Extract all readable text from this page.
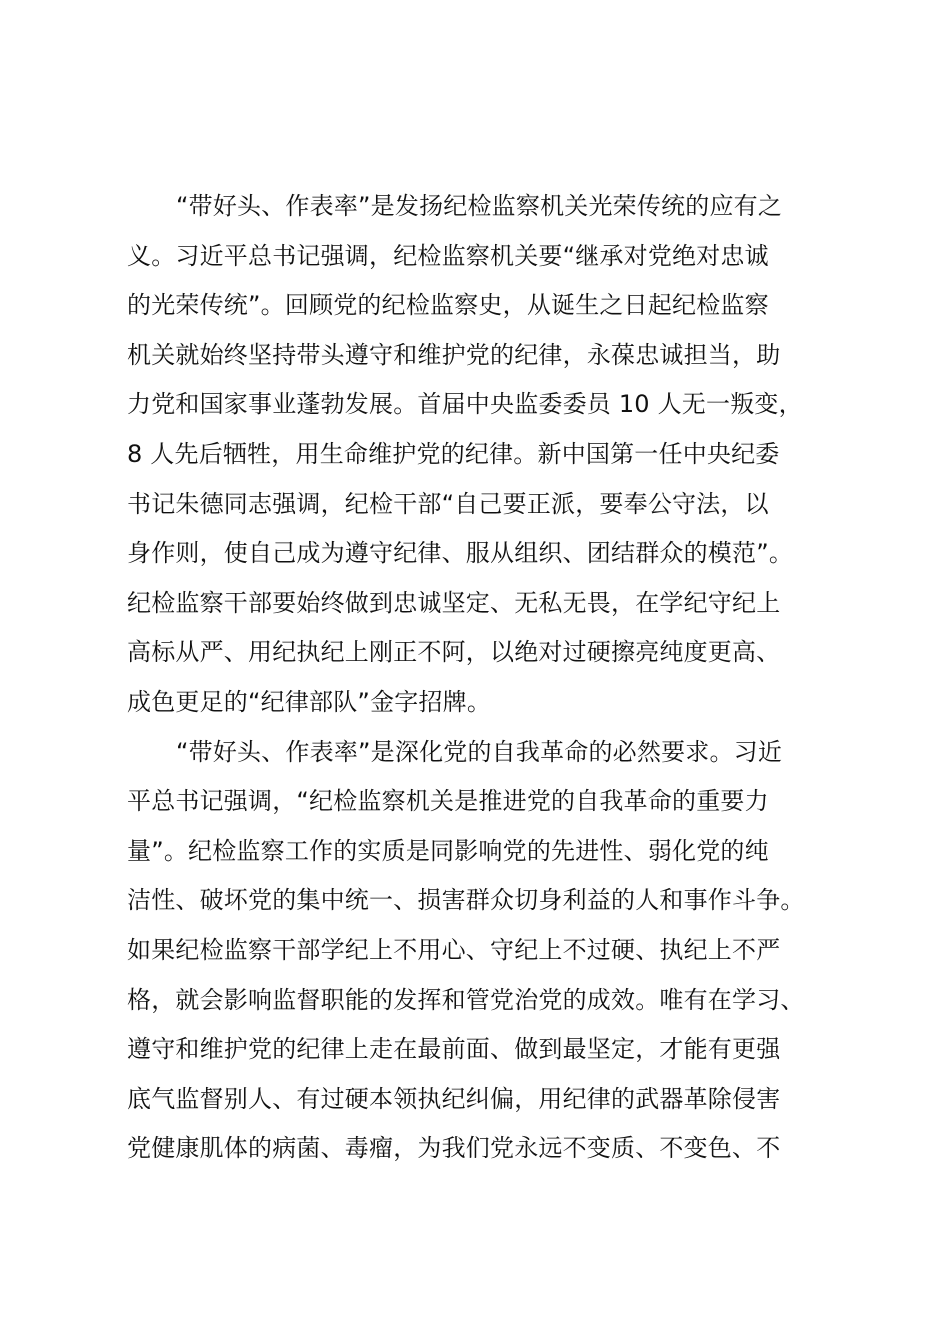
“带好头、作表率”是发扬纪检监察机关光荣传统的应有之
义。习近平总书记强调，纪检监察机关要“继承对党绝对忠诚
的光荣传统”。回顾党的纪检监察史，从诞生之日起纪检监察
机关就始终坚持带头遵守和维护党的纪律，永葆忠诚担当，助
力党和国家事业蓬勃发展。首届中央监委委员 10 人无一叛变，
8 人先后牺牲，用生命维护党的纪律。新中国第一任中央纪委
书记朱德同志强调，纪检干部“自己要正派，要奉公守法，以
身作则，使自己成为遵守纪律、服从组织、团结群众的模范”。
纪检监察干部要始终做到忠诚坚定、无私无畏，在学纪守纪上
高标从严、用纪执纪上刚正不阿，以绝对过硬擦亮纯度更高、
成色更足的“纪律部队”金字招牌。
“带好头、作表率”是深化党的自我革命的必然要求。习近
平总书记强调，“纪检监察机关是推进党的自我革命的重要力
量”。纪检监察工作的实质是同影响党的先进性、弱化党的纯
洁性、破坏党的集中统一、损害群众切身利益的人和事作斗争。
如果纪检监察干部学纪上不用心、守纪上不过硬、执纪上不严
格，就会影响监督职能的发挥和管党治党的成效。唯有在学习、
遵守和维护党的纪律上走在最前面、做到最坚定，才能有更强
底气监督别人、有过硬本领执纪纠偏，用纪律的武器革除侵害
党健康肌体的病菌、毒瘤，为我们党永远不变质、不变色、不
